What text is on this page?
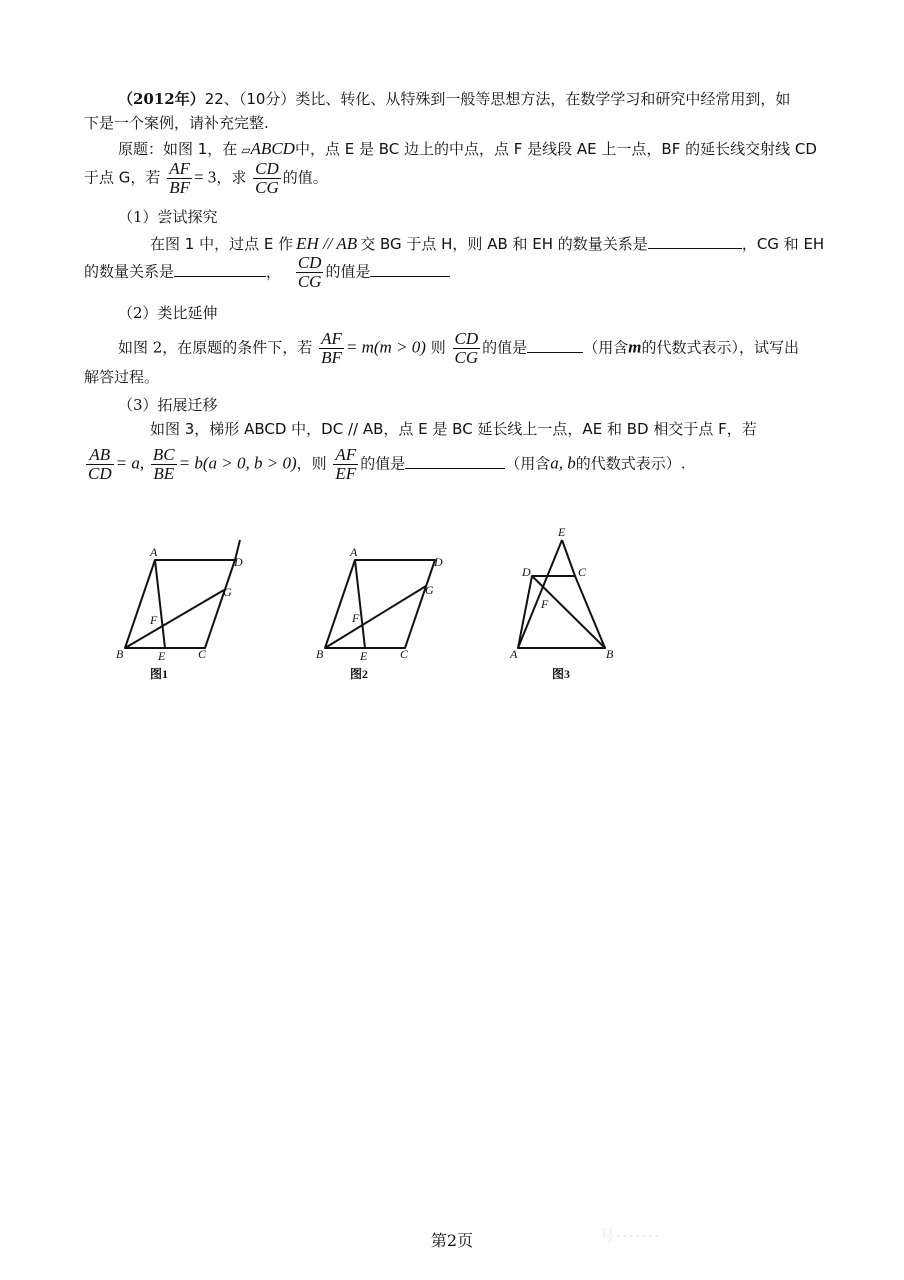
（2012年）22、（10分）类比、转化、从特殊到一般等思想方法，在数学学习和研究中经常用到，如
下是一个案例，请补充完整.
原题：如图 1，在 ▱ABCD中，点 E 是 BC 边上的中点，点 F 是线段 AE 上一点，BF 的延长线交射线 CD
于点 G，若 $\frac{AF}{BF} = 3$，求 $\frac{CD}{CG}$ 的值。
（1）尝试探究
在图 1 中，过点 E 作 EH // AB 交 BG 于点 H，则 AB 和 EH 的数量关系是	，CG 和 EH
的数量关系是	， $\frac{CD}{CG}$ 的值是
（2）类比延伸
如图 2，在原题的条件下，若 $\frac{AF}{BF} = m(m > 0)$ 则 $\frac{CD}{CG}$ 的值是	（用含m的代数式表示），试写出
解答过程。
（3）拓展迁移
如图 3，梯形 ABCD 中，DC // AB，点 E 是 BC 延长线上一点，AE 和 BD 相交于点 F，若
$\frac{AB}{CD} = a$, $\frac{BC}{BE} = b(a > 0$, b > 0)，则 $\frac{AF}{EF}$ 的值是	（用含a, b的代数式表示）.
A
D
G
F
B	E	C
图1
A
D
G
F
B	E	C
图2
E
D	C
F
A	B
图3
第2页	号·······
